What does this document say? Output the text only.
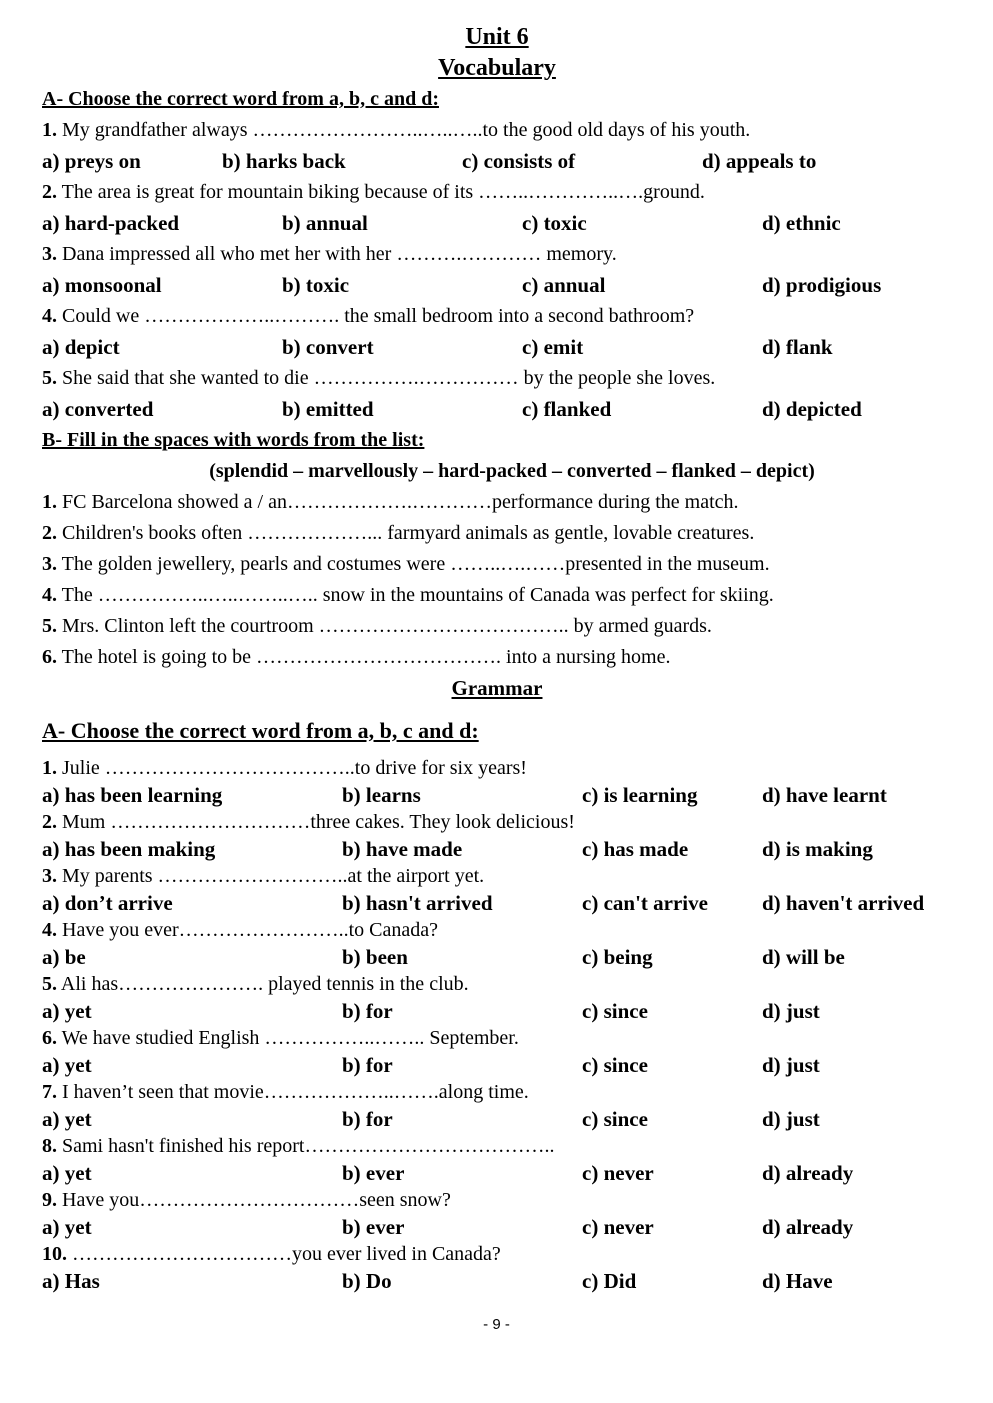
Unit 6
Vocabulary
A- Choose the correct word from a, b, c and d:
1. My grandfather always ……………………..…..…..to the good old days of his youth.
a) preys on	b) harks back	c) consists of	d) appeals to
2. The area is great for mountain biking because of its ……..…………..….ground.
a) hard-packed	b) annual	c) toxic	d) ethnic
3. Dana impressed all who met her with her ……….………… memory.
a) monsoonal	b) toxic	c) annual	d) prodigious
4. Could we ………………..………. the small bedroom into a second bathroom?
a) depict	b) convert	c) emit	d) flank
5. She said that she wanted to die …………….…………… by the people she loves.
a) converted	b) emitted	c) flanked	d) depicted
B- Fill in the spaces with words from the list:
(splendid – marvellously – hard-packed – converted – flanked – depict)
1. FC Barcelona showed a / an……………….…………performance during the match.
2. Children's books often ………………... farmyard animals as gentle, lovable creatures.
3. The golden jewellery, pearls and costumes were ……..….……presented in the museum.
4. The ……………..…..……..….. snow in the mountains of Canada was perfect for skiing.
5. Mrs. Clinton left the courtroom ……………………………….. by armed guards.
6. The hotel is going to be ………………………………. into a nursing home.
Grammar
A- Choose the correct word from a, b, c and d:
1. Julie ………………………………..to drive for six years!
a) has been learning	b) learns	c) is learning	d) have learnt
2. Mum …………………………three cakes. They look delicious!
a) has been making	b) have made	c) has made	d) is making
3. My parents ………………………..at the airport yet.
a) don’t arrive	b) hasn't arrived	c) can't arrive	d) haven't arrived
4. Have you ever……………………..to Canada?
a) be	b) been	c) being	d) will be
5. Ali has…………………. played tennis in the club.
a) yet	b) for	c) since	d) just
6. We have studied English ……………..…….. September.
a) yet	b) for	c) since	d) just
7. I haven’t seen that movie………………..…….along time.
a) yet	b) for	c) since	d) just
8. Sami hasn't finished his report………………………………..
a) yet	b) ever	c) never	d) already
9. Have you……………………………seen snow?
a) yet	b) ever	c) never	d) already
10. ……………………………you ever lived in Canada?
a) Has	b) Do	c) Did	d) Have
- 9 -
